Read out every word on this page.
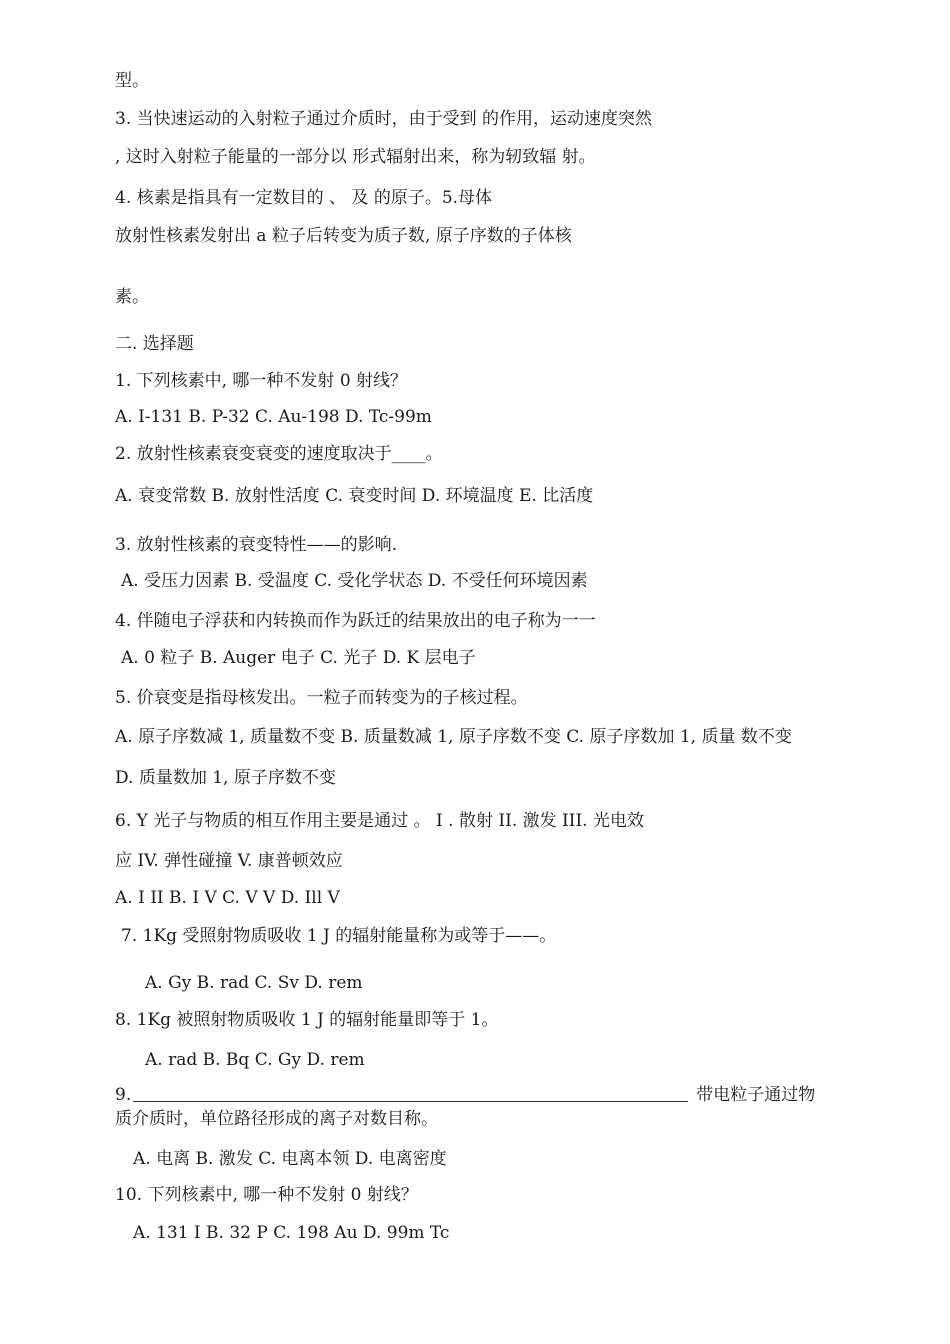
型。
3. 当快速运动的入射粒子通过介质时，由于受到 的作用，运动速度突然
, 这时入射粒子能量的一部分以 形式辐射出来，称为轫致辐 射。
4. 核素是指具有一定数目的 、 及 的原子。5.母体
放射性核素发射出 a 粒子后转变为质子数, 原子序数的子体核
素。
二. 选择题
1. 下列核素中, 哪一种不发射 0 射线？
A. I-131 B. P-32 C. Au-198 D. Tc-99m
2. 放射性核素衰变衰变的速度取决于____。
A. 衰变常数 B. 放射性活度 C. 衰变时间 D. 环境温度 E. 比活度
3. 放射性核素的衰变特性——的影响.
A. 受压力因素 B. 受温度 C. 受化学状态 D. 不受任何环境因素
4. 伴随电子浮获和内转换而作为跃迁的结果放出的电子称为一一
A. 0 粒子 B. Auger 电子 C. 光子 D. K 层电子
5. 价衰变是指母核发出。一粒子而转变为的子核过程。
A. 原子序数减 1, 质量数不变 B. 质量数减 1, 原子序数不变 C. 原子序数加 1, 质量 数不变
D. 质量数加 1, 原子序数不变
6. Y 光子与物质的相互作用主要是通过 。 I . 散射 II. 激发 III. 光电效
应 IV. 弹性碰撞 V. 康普顿效应
A. I II B. I V C. V V D. Ill V
7. 1Kg 受照射物质吸收 1 J 的辐射能量称为或等于——。
A. Gy B. rad C. Sv D. rem
8. 1Kg 被照射物质吸收 1 J 的辐射能量即等于 1。
A. rad B. Bq C. Gy D. rem
9.	带电粒子通过物
质介质时，单位路径形成的离子对数目称。
A. 电离 B. 激发 C. 电离本领 D. 电离密度
10. 下列核素中, 哪一种不发射 0 射线？
A. 131 I B. 32 P C. 198 Au D. 99m Tc
